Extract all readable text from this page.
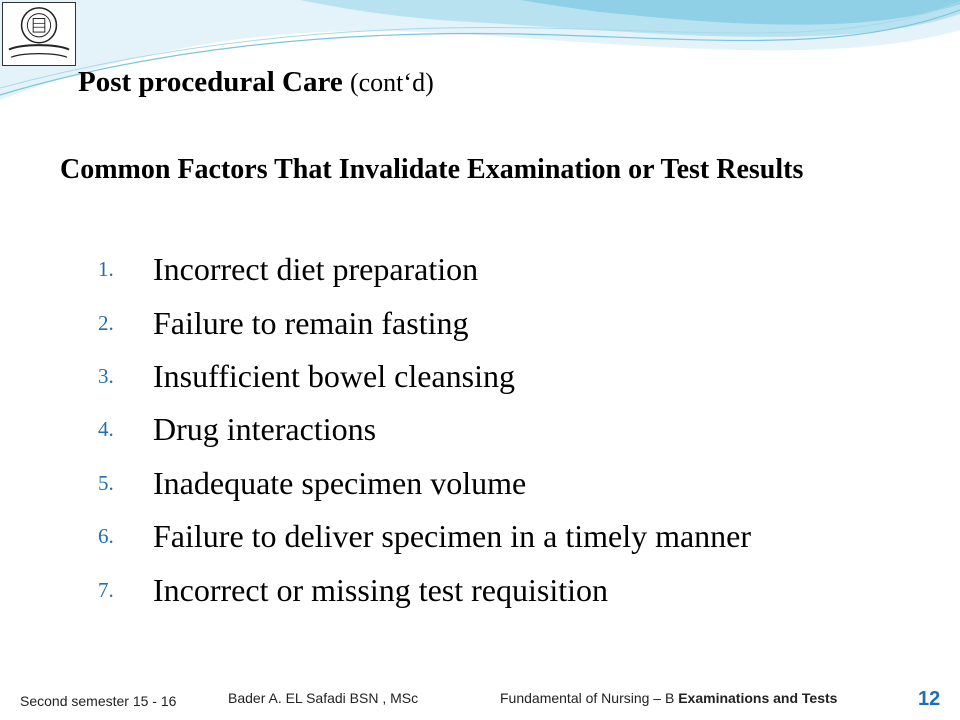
Post procedural Care (cont‘d)
Common Factors That Invalidate Examination or Test Results
1.	Incorrect diet preparation
2.	Failure to remain fasting
3.	Insufficient bowel cleansing
4.	Drug interactions
5.	Inadequate specimen volume
6.	Failure to deliver specimen in a timely manner
7.	Incorrect or missing test requisition
Second semester 15 - 16	Bader A. EL Safadi BSN , MSc	Fundamental of Nursing – B Examinations and Tests	12
